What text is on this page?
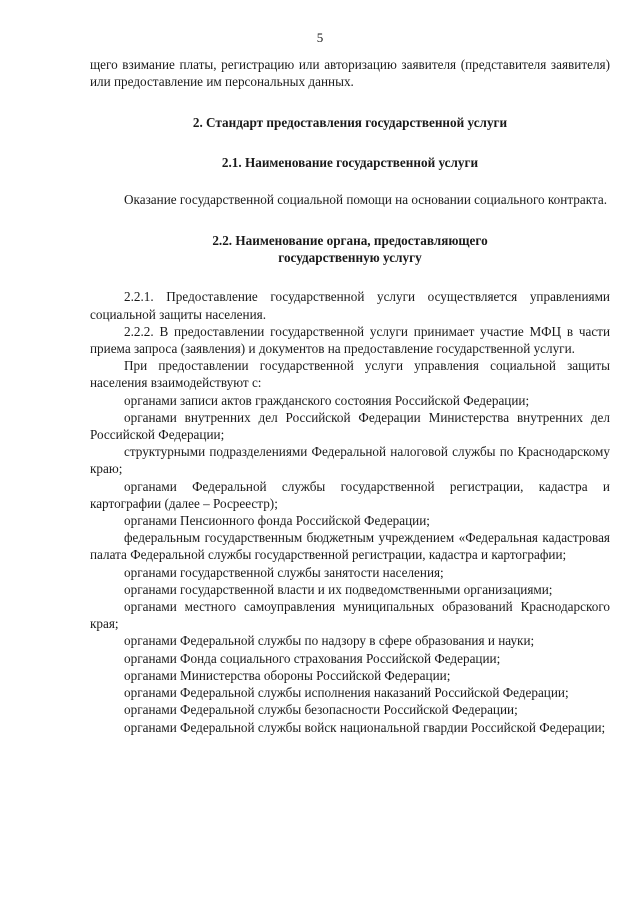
5

щего взимание платы, регистрацию или авторизацию заявителя (представителя заявителя) или предоставление им персональных данных.

2. Стандарт предоставления государственной услуги
2.1. Наименование государственной услуги

Оказание государственной социальной помощи на основании социального контракта.

2.2. Наименование органа, предоставляющего
государственную услугу

2.2.1. Предоставление государственной услуги осуществляется управлениями социальной защиты населения.

2.2.2. В предоставлении государственной услуги принимает участие МФЦ в части приема запроса (заявления) и документов на предоставление государственной услуги.

При предоставлении государственной услуги управления социальной защиты населения взаимодействуют с:

органами записи актов гражданского состояния Российской Федерации;

органами внутренних дел Российской Федерации Министерства внутренних дел Российской Федерации;

структурными подразделениями Федеральной налоговой службы по Краснодарскому краю;

органами Федеральной службы государственной регистрации, кадастра и картографии (далее – Росреестр);

органами Пенсионного фонда Российской Федерации;

федеральным государственным бюджетным учреждением «Федеральная кадастровая палата Федеральной службы государственной регистрации, кадастра и картографии;

органами государственной службы занятости населения;

органами государственной власти и их подведомственными организациями;

органами местного самоуправления муниципальных образований Краснодарского края;

органами Федеральной службы по надзору в сфере образования и науки;

органами Фонда социального страхования Российской Федерации;

органами Министерства обороны Российской Федерации;

органами Федеральной службы исполнения наказаний Российской Федерации;

органами Федеральной службы безопасности Российской Федерации;

органами Федеральной службы войск национальной гвардии Российской Федерации;
